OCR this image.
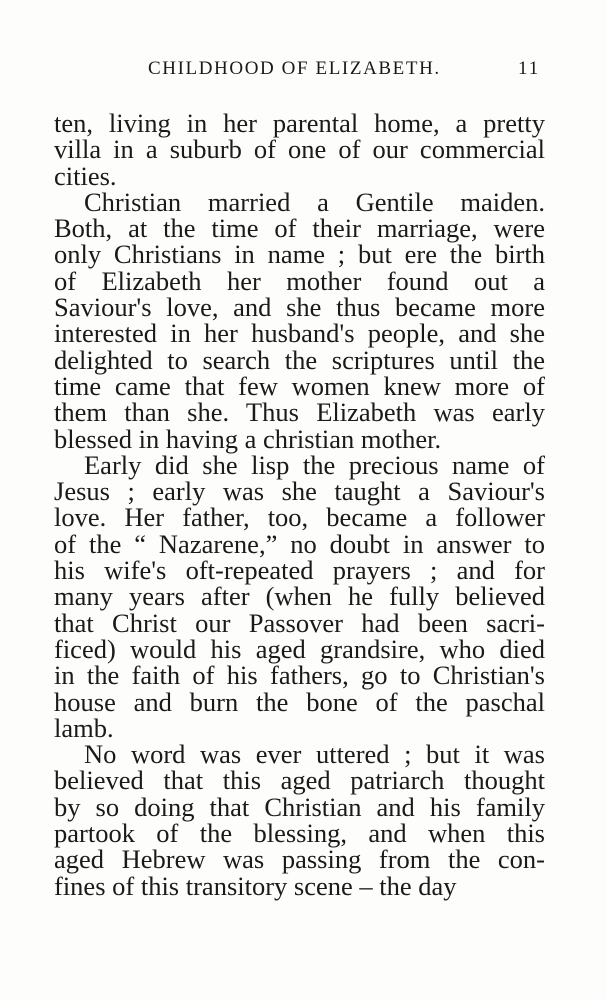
CHILDHOOD OF ELIZABETH.	11
ten, living in her parental home, a pretty
villa in a suburb of one of our commercial
cities.
Christian married a Gentile maiden.
Both, at the time of their marriage, were
only Christians in name ; but ere the birth
of Elizabeth her mother found out a
Saviour's love, and she thus became more
interested in her husband's people, and she
delighted to search the scriptures until the
time came that few women knew more of
them than she. Thus Elizabeth was early
blessed in having a christian mother.
Early did she lisp the precious name of
Jesus ; early was she taught a Saviour's
love. Her father, too, became a follower
of the “ Nazarene,” no doubt in answer to
his wife's oft-repeated prayers ; and for
many years after (when he fully believed
that Christ our Passover had been sacri-
ficed) would his aged grandsire, who died
in the faith of his fathers, go to Christian's
house and burn the bone of the paschal
lamb.
No word was ever uttered ; but it was
believed that this aged patriarch thought
by so doing that Christian and his family
partook of the blessing, and when this
aged Hebrew was passing from the con-
fines of this transitory scene – the day
